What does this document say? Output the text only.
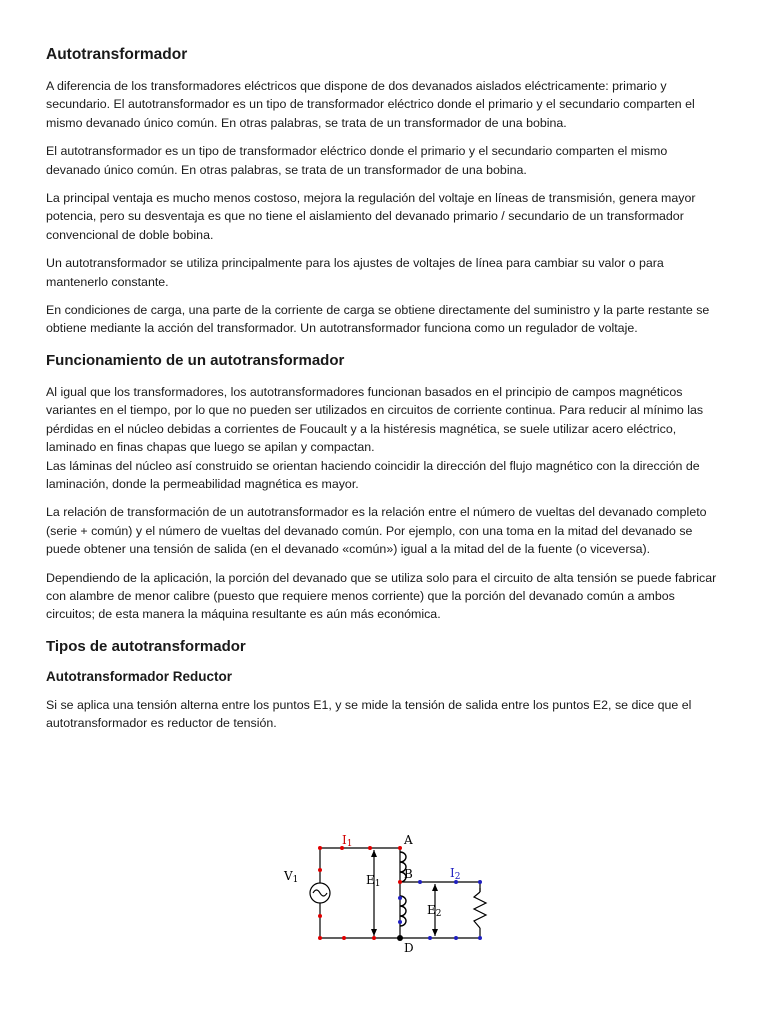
Autotransformador

A diferencia de los transformadores eléctricos que dispone de dos devanados aislados eléctricamente: primario y secundario. El autotransformador es un tipo de transformador eléctrico donde el primario y el secundario comparten el mismo devanado único común. En otras palabras, se trata de un transformador de una bobina.

El autotransformador es un tipo de transformador eléctrico donde el primario y el secundario comparten el mismo devanado único común. En otras palabras, se trata de un transformador de una bobina.

La principal ventaja es mucho menos costoso, mejora la regulación del voltaje en líneas de transmisión, genera mayor potencia, pero su desventaja es que no tiene el aislamiento del devanado primario / secundario de un transformador convencional de doble bobina.

Un autotransformador se utiliza principalmente para los ajustes de voltajes de línea para cambiar su valor o para mantenerlo constante.

En condiciones de carga, una parte de la corriente de carga se obtiene directamente del suministro y la parte restante se obtiene mediante la acción del transformador. Un autotransformador funciona como un regulador de voltaje.

Funcionamiento de un autotransformador

Al igual que los transformadores, los autotransformadores funcionan basados en el principio de campos magnéticos variantes en el tiempo, por lo que no pueden ser utilizados en circuitos de corriente continua. Para reducir al mínimo las pérdidas en el núcleo debidas a corrientes de Foucault y a la histéresis magnética, se suele utilizar acero eléctrico, laminado en finas chapas que luego se apilan y compactan.
Las láminas del núcleo así construido se orientan haciendo coincidir la dirección del flujo magnético con la dirección de laminación, donde la permeabilidad magnética es mayor.

La relación de transformación de un autotransformador es la relación entre el número de vueltas del devanado completo (serie + común) y el número de vueltas del devanado común. Por ejemplo, con una toma en la mitad del devanado se puede obtener una tensión de salida (en el devanado «común») igual a la mitad del de la fuente (o viceversa).

Dependiendo de la aplicación, la porción del devanado que se utiliza solo para el circuito de alta tensión se puede fabricar con alambre de menor calibre (puesto que requiere menos corriente) que la porción del devanado común a ambos circuitos; de esta manera la máquina resultante es aún más económica.

Tipos de autotransformador
Autotransformador Reductor

Si se aplica una tensión alterna entre los puntos E1, y se mide la tensión de salida entre los puntos E2, se dice que el autotransformador es reductor de tensión.

I1	A
B	I2
D
V1	E1
E2
